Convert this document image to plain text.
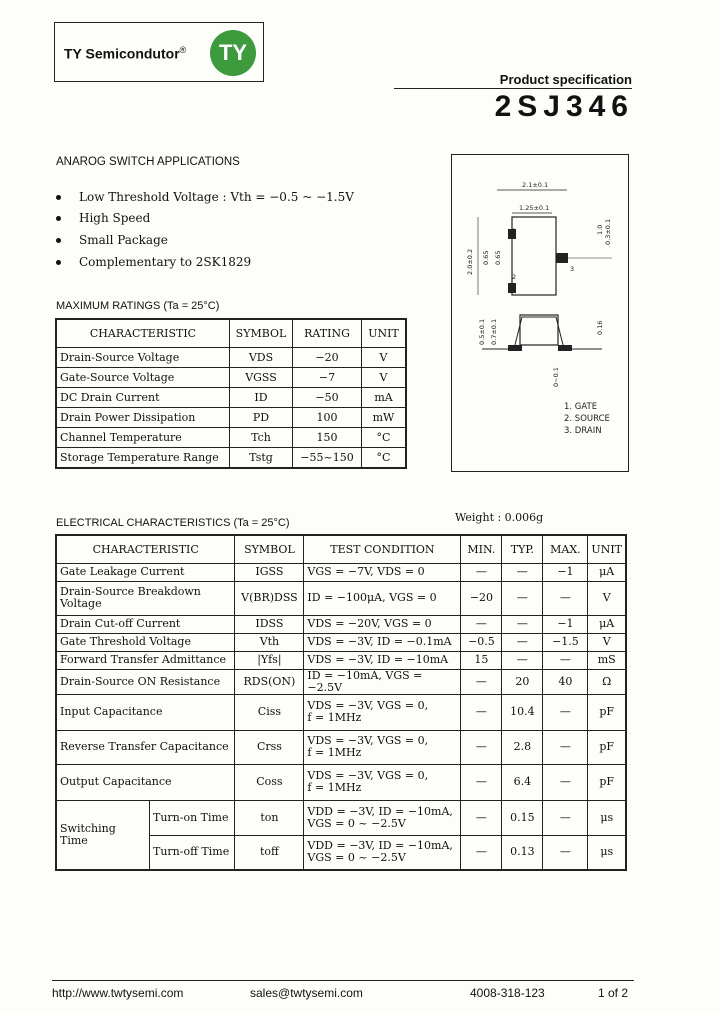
TY Semicondutor®	TY
Product specification
2SJ346
ANAROG SWITCH APPLICATIONS
Low Threshold Voltage : Vth = −0.5 ~ −1.5V
High Speed
Small Package
Complementary to 2SK1829
2.1±0.1
1.25±0.1
1
2
3
2.0±0.2 0.65 0.65
1.0 0.3±0.1
0.5±0.1 0.7±0.1	0.16
0~0.1
1. GATE
2. SOURCE
3. DRAIN
MAXIMUM RATINGS (Ta = 25°C)
CHARACTERISTIC	SYMBOL	RATING	UNIT
Drain-Source Voltage	VDS	−20	V
Gate-Source Voltage	VGSS	−7	V
DC Drain Current	ID	−50	mA
Drain Power Dissipation	PD	100	mW
Channel Temperature	Tch	150	°C
Storage Temperature Range	Tstg	−55~150	°C
Weight : 0.006g
ELECTRICAL CHARACTERISTICS (Ta = 25°C)
CHARACTERISTIC		SYMBOL	TEST CONDITION	MIN.	TYP.	MAX.	UNIT
Gate Leakage Current		IGSS	VGS = −7V, VDS = 0	—	—	−1	μA
Drain-Source Breakdown Voltage		V(BR)DSS	ID = −100μA, VGS = 0	−20	—	—	V
Drain Cut-off Current		IDSS	VDS = −20V, VGS = 0	—	—	−1	μA
Gate Threshold Voltage		Vth	VDS = −3V, ID = −0.1mA	−0.5	—	−1.5	V
Forward Transfer Admittance		|Yfs|	VDS = −3V, ID = −10mA	15	—	—	mS
Drain-Source ON Resistance		RDS(ON)	ID = −10mA, VGS = −2.5V	—	20	40	Ω
Input Capacitance		Ciss	VDS = −3V, VGS = 0,
f = 1MHz	—	10.4	—	pF
Reverse Transfer Capacitance		Crss	VDS = −3V, VGS = 0,
f = 1MHz	—	2.8	—	pF
Output Capacitance		Coss	VDS = −3V, VGS = 0,
f = 1MHz	—	6.4	—	pF
Switching Time	Turn-on Time	ton	VDD = −3V, ID = −10mA,
VGS = 0 ~ −2.5V	—	0.15	—	μs
	Turn-off Time	toff	VDD = −3V, ID = −10mA,
VGS = 0 ~ −2.5V	—	0.13	—	μs
http://www.twtysemi.com	sales@twtysemi.com	4008-318-123	1 of 2
